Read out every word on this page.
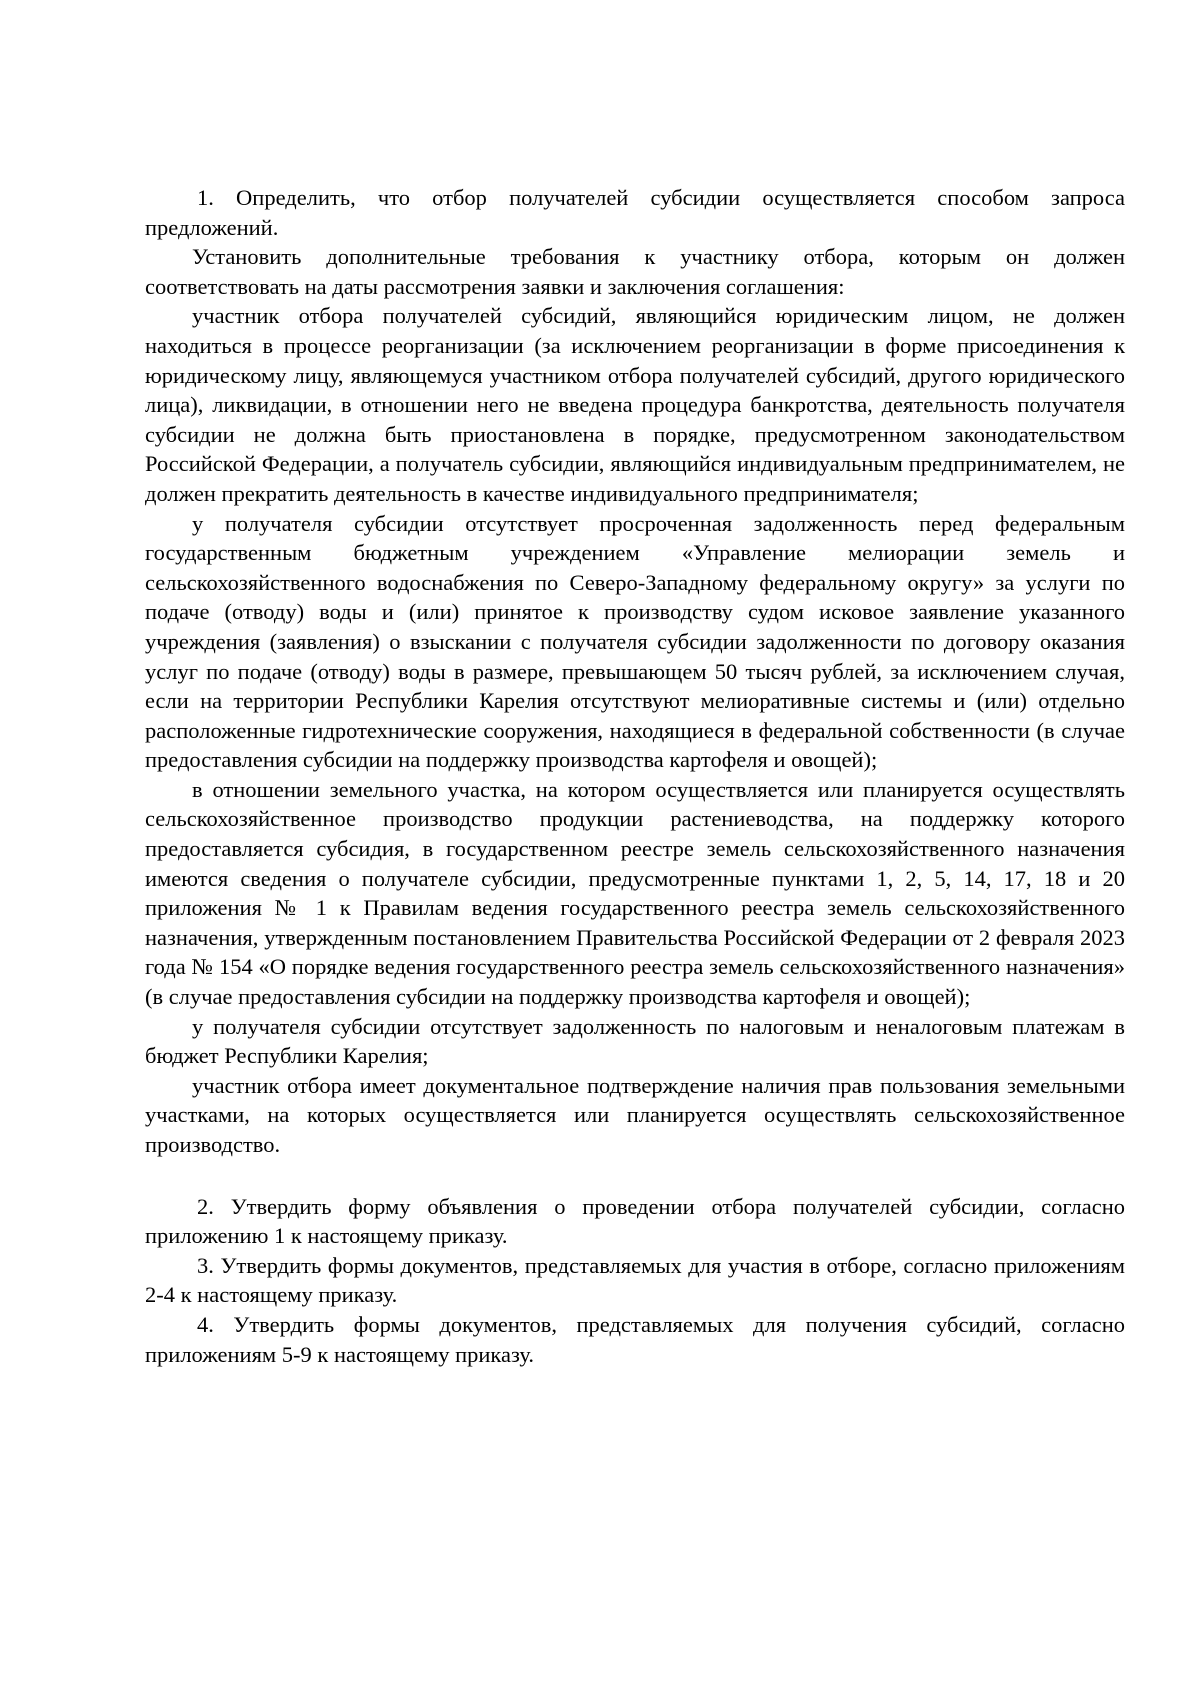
1. Определить, что отбор получателей субсидии осуществляется способом запроса предложений.

Установить дополнительные требования к участнику отбора, которым он должен соответствовать на даты рассмотрения заявки и заключения соглашения:

участник отбора получателей субсидий, являющийся юридическим лицом, не должен находиться в процессе реорганизации (за исключением реорганизации в форме присоединения к юридическому лицу, являющемуся участником отбора получателей субсидий, другого юридического лица), ликвидации, в отношении него не введена процедура банкротства, деятельность получателя субсидии не должна быть приостановлена в порядке, предусмотренном законодательством Российской Федерации, а получатель субсидии, являющийся индивидуальным предпринимателем, не должен прекратить деятельность в качестве индивидуального предпринимателя;

у получателя субсидии отсутствует просроченная задолженность перед федеральным государственным бюджетным учреждением «Управление мелиорации земель и сельскохозяйственного водоснабжения по Северо-Западному федеральному округу» за услуги по подаче (отводу) воды и (или) принятое к производству судом исковое заявление указанного учреждения (заявления) о взыскании с получателя субсидии задолженности по договору оказания услуг по подаче (отводу) воды в размере, превышающем 50 тысяч рублей, за исключением случая, если на территории Республики Карелия отсутствуют мелиоративные системы и (или) отдельно расположенные гидротехнические сооружения, находящиеся в федеральной собственности (в случае предоставления субсидии на поддержку производства картофеля и овощей);

в отношении земельного участка, на котором осуществляется или планируется осуществлять сельскохозяйственное производство продукции растениеводства, на поддержку которого предоставляется субсидия, в государственном реестре земель сельскохозяйственного назначения имеются сведения о получателе субсидии, предусмотренные пунктами 1, 2, 5, 14, 17, 18 и 20 приложения № 1 к Правилам ведения государственного реестра земель сельскохозяйственного назначения, утвержденным постановлением Правительства Российской Федерации от 2 февраля 2023 года № 154 «О порядке ведения государственного реестра земель сельскохозяйственного назначения» (в случае предоставления субсидии на поддержку производства картофеля и овощей);

у получателя субсидии отсутствует задолженность по налоговым и неналоговым платежам в бюджет Республики Карелия;

участник отбора имеет документальное подтверждение наличия прав пользования земельными участками, на которых осуществляется или планируется осуществлять сельскохозяйственное производство.

2. Утвердить форму объявления о проведении отбора получателей субсидии, согласно приложению 1 к настоящему приказу.

3. Утвердить формы документов, представляемых для участия в отборе, согласно приложениям 2-4 к настоящему приказу.

4. Утвердить формы документов, представляемых для получения субсидий, согласно приложениям 5-9 к настоящему приказу.
